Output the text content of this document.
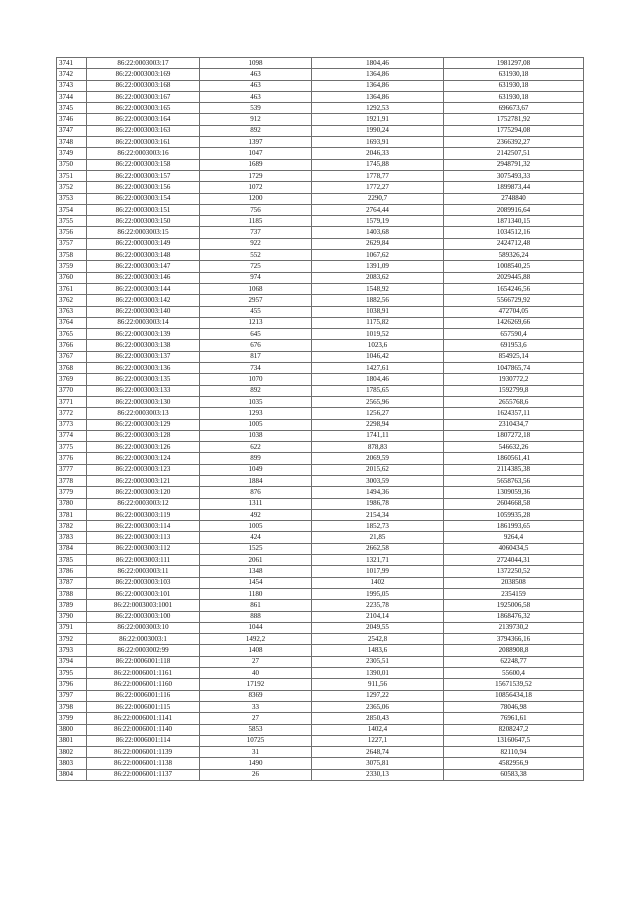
3741	86:22:0003003:17	1098	1804,46	1981297,08
3742	86:22:0003003:169	463	1364,86	631930,18
3743	86:22:0003003:168	463	1364,86	631930,18
3744	86:22:0003003:167	463	1364,86	631930,18
3745	86:22:0003003:165	539	1292,53	696673,67
3746	86:22:0003003:164	912	1921,91	1752781,92
3747	86:22:0003003:163	892	1990,24	1775294,08
3748	86:22:0003003:161	1397	1693,91	2366392,27
3749	86:22:0003003:16	1047	2046,33	2142507,51
3750	86:22:0003003:158	1689	1745,88	2948791,32
3751	86:22:0003003:157	1729	1778,77	3075493,33
3752	86:22:0003003:156	1072	1772,27	1899873,44
3753	86:22:0003003:154	1200	2290,7	2748840
3754	86:22:0003003:151	756	2764,44	2089916,64
3755	86:22:0003003:150	1185	1579,19	1871340,15
3756	86:22:0003003:15	737	1403,68	1034512,16
3757	86:22:0003003:149	922	2629,84	2424712,48
3758	86:22:0003003:148	552	1067,62	589326,24
3759	86:22:0003003:147	725	1391,09	1008540,25
3760	86:22:0003003:146	974	2083,62	2029445,88
3761	86:22:0003003:144	1068	1548,92	1654246,56
3762	86:22:0003003:142	2957	1882,56	5566729,92
3763	86:22:0003003:140	455	1038,91	472704,05
3764	86:22:0003003:14	1213	1175,82	1426269,66
3765	86:22:0003003:139	645	1019,52	657590,4
3766	86:22:0003003:138	676	1023,6	691953,6
3767	86:22:0003003:137	817	1046,42	854925,14
3768	86:22:0003003:136	734	1427,61	1047865,74
3769	86:22:0003003:135	1070	1804,46	1930772,2
3770	86:22:0003003:133	892	1785,65	1592799,8
3771	86:22:0003003:130	1035	2565,96	2655768,6
3772	86:22:0003003:13	1293	1256,27	1624357,11
3773	86:22:0003003:129	1005	2298,94	2310434,7
3774	86:22:0003003:128	1038	1741,11	1807272,18
3775	86:22:0003003:126	622	878,83	546632,26
3776	86:22:0003003:124	899	2069,59	1860561,41
3777	86:22:0003003:123	1049	2015,62	2114385,38
3778	86:22:0003003:121	1884	3003,59	5658763,56
3779	86:22:0003003:120	876	1494,36	1309059,36
3780	86:22:0003003:12	1311	1986,78	2604668,58
3781	86:22:0003003:119	492	2154,34	1059935,28
3782	86:22:0003003:114	1005	1852,73	1861993,65
3783	86:22:0003003:113	424	21,85	9264,4
3784	86:22:0003003:112	1525	2662,58	4060434,5
3785	86:22:0003003:111	2061	1321,71	2724044,31
3786	86:22:0003003:11	1348	1017,99	1372250,52
3787	86:22:0003003:103	1454	1402	2038508
3788	86:22:0003003:101	1180	1995,05	2354159
3789	86:22:0003003:1001	861	2235,78	1925006,58
3790	86:22:0003003:100	888	2104,14	1868476,32
3791	86:22:0003003:10	1044	2049,55	2139730,2
3792	86:22:0003003:1	1492,2	2542,8	3794366,16
3793	86:22:0003002:99	1408	1483,6	2088908,8
3794	86:22:0006001:118	27	2305,51	62248,77
3795	86:22:0006001:1161	40	1390,01	55600,4
3796	86:22:0006001:1160	17192	911,56	15671539,52
3797	86:22:0006001:116	8369	1297,22	10856434,18
3798	86:22:0006001:115	33	2365,06	78046,98
3799	86:22:0006001:1141	27	2850,43	76961,61
3800	86:22:0006001:1140	5853	1402,4	8208247,2
3801	86:22:0006001:114	10725	1227,1	13160647,5
3802	86:22:0006001:1139	31	2648,74	82110,94
3803	86:22:0006001:1138	1490	3075,81	4582956,9
3804	86:22:0006001:1137	26	2330,13	60583,38
